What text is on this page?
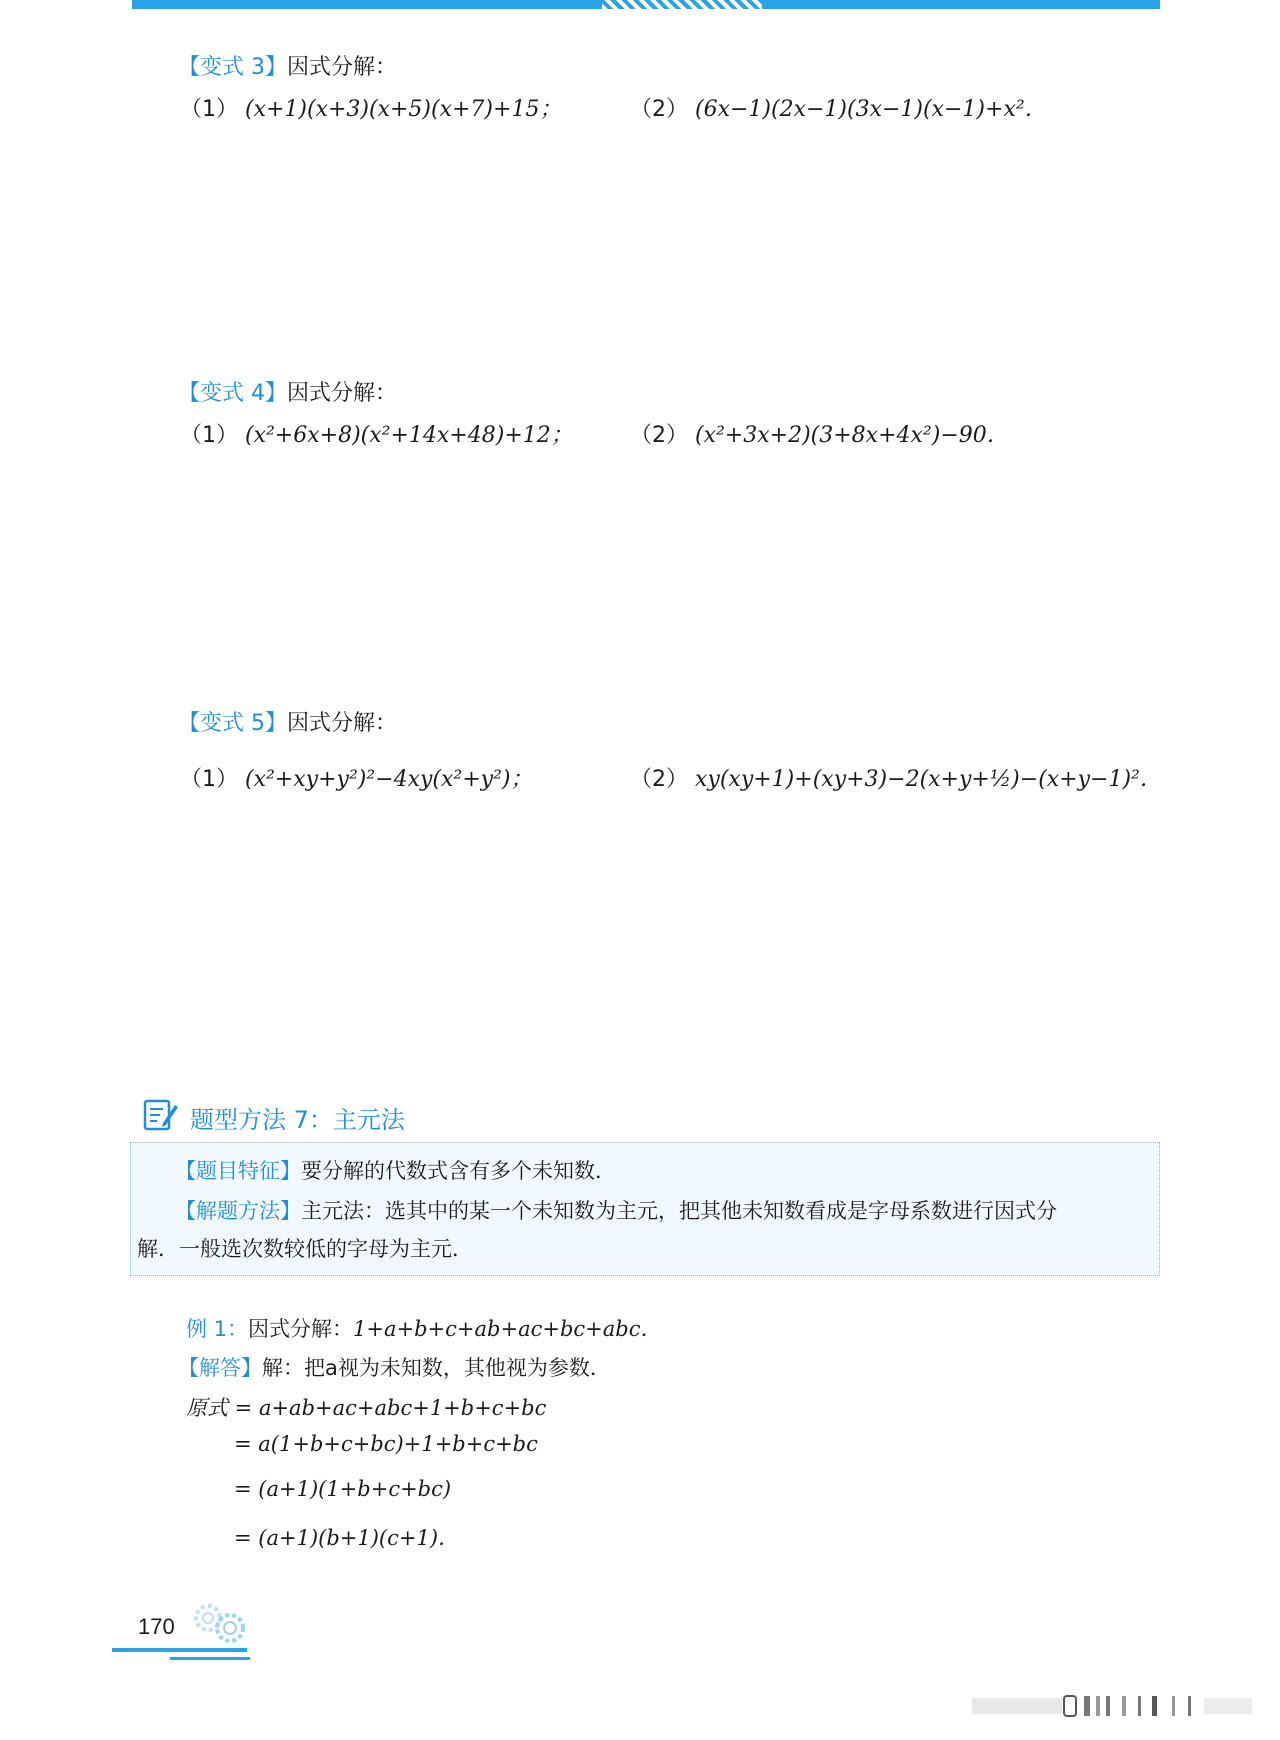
【变式 3】因式分解：
（1） (x+1)(x+3)(x+5)(x+7)+15；	（2） (6x−1)(2x−1)(3x−1)(x−1)+x²．
【变式 4】因式分解：
（1） (x²+6x+8)(x²+14x+48)+12；	（2） (x²+3x+2)(3+8x+4x²)−90．
【变式 5】因式分解：
（1） (x²+xy+y²)²−4xy(x²+y²)；	（2） xy(xy+1)+(xy+3)−2(x+y+½)−(x+y−1)²．
题型方法 7：主元法
【题目特征】要分解的代数式含有多个未知数．
【解题方法】主元法：选其中的某一个未知数为主元，把其他未知数看成是字母系数进行因式分
解．一般选次数较低的字母为主元．
例 1：因式分解：1+a+b+c+ab+ac+bc+abc．
【解答】解：把a视为未知数，其他视为参数．
原式 = a+ab+ac+abc+1+b+c+bc
= a(1+b+c+bc)+1+b+c+bc
= (a+1)(1+b+c+bc)
= (a+1)(b+1)(c+1)．
170
